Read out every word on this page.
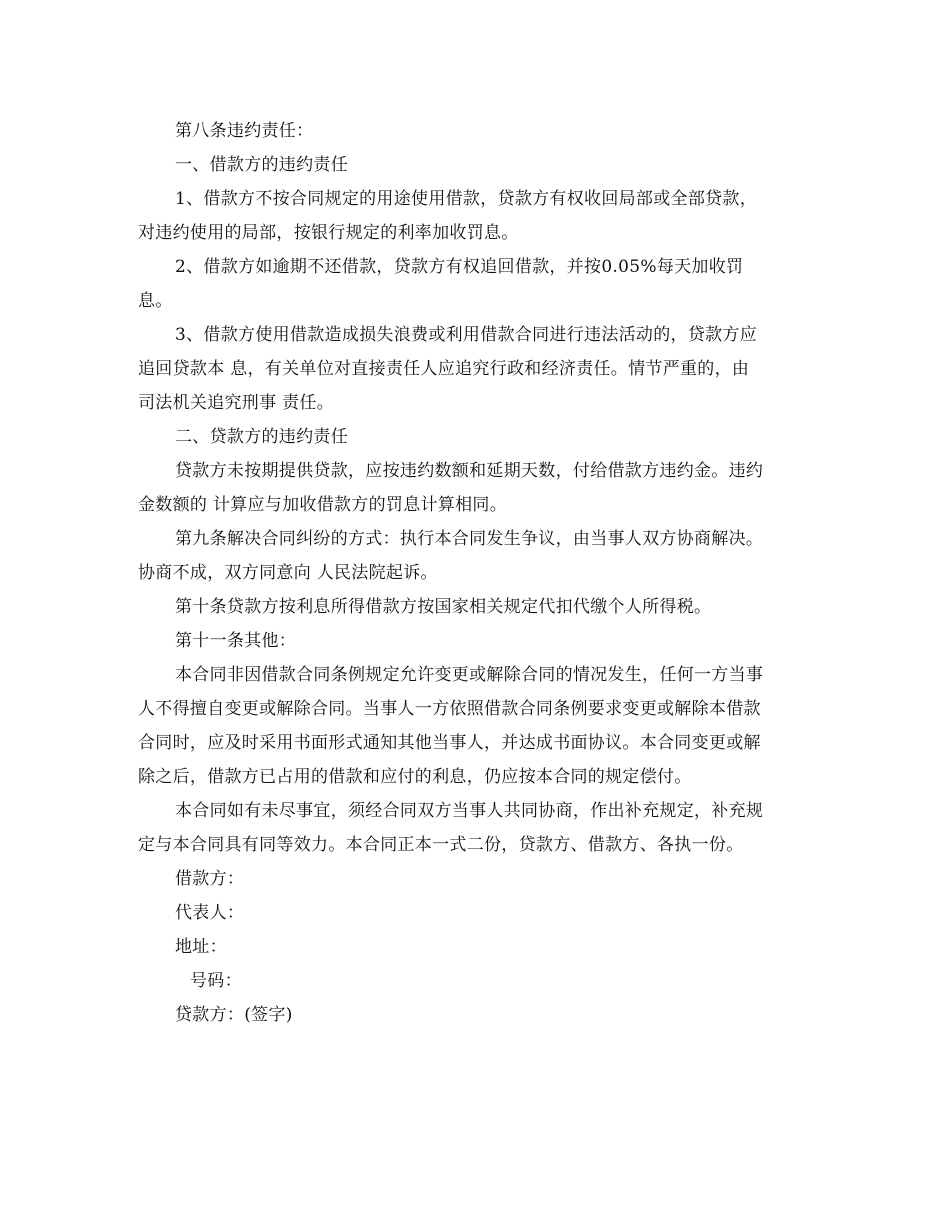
第八条违约责任：
一、借款方的违约责任
1、借款方不按合同规定的用途使用借款，贷款方有权收回局部或全部贷款，
对违约使用的局部，按银行规定的利率加收罚息。
2、借款方如逾期不还借款，贷款方有权追回借款，并按0.05%每天加收罚
息。
3、借款方使用借款造成损失浪费或利用借款合同进行违法活动的，贷款方应
追回贷款本 息，有关单位对直接责任人应追究行政和经济责任。情节严重的，由
司法机关追究刑事 责任。
二、贷款方的违约责任
贷款方未按期提供贷款，应按违约数额和延期天数，付给借款方违约金。违约
金数额的 计算应与加收借款方的罚息计算相同。
第九条解决合同纠纷的方式：执行本合同发生争议，由当事人双方协商解决。
协商不成，双方同意向 人民法院起诉。
第十条贷款方按利息所得借款方按国家相关规定代扣代缴个人所得税。
第十一条其他：
本合同非因借款合同条例规定允许变更或解除合同的情况发生，任何一方当事
人不得擅自变更或解除合同。当事人一方依照借款合同条例要求变更或解除本借款
合同时，应及时采用书面形式通知其他当事人，并达成书面协议。本合同变更或解
除之后，借款方已占用的借款和应付的利息，仍应按本合同的规定偿付。
本合同如有未尽事宜，须经合同双方当事人共同协商，作出补充规定，补充规
定与本合同具有同等效力。本合同正本一式二份，贷款方、借款方、各执一份。
借款方：
代表人：
地址：
号码：
贷款方：(签字)
